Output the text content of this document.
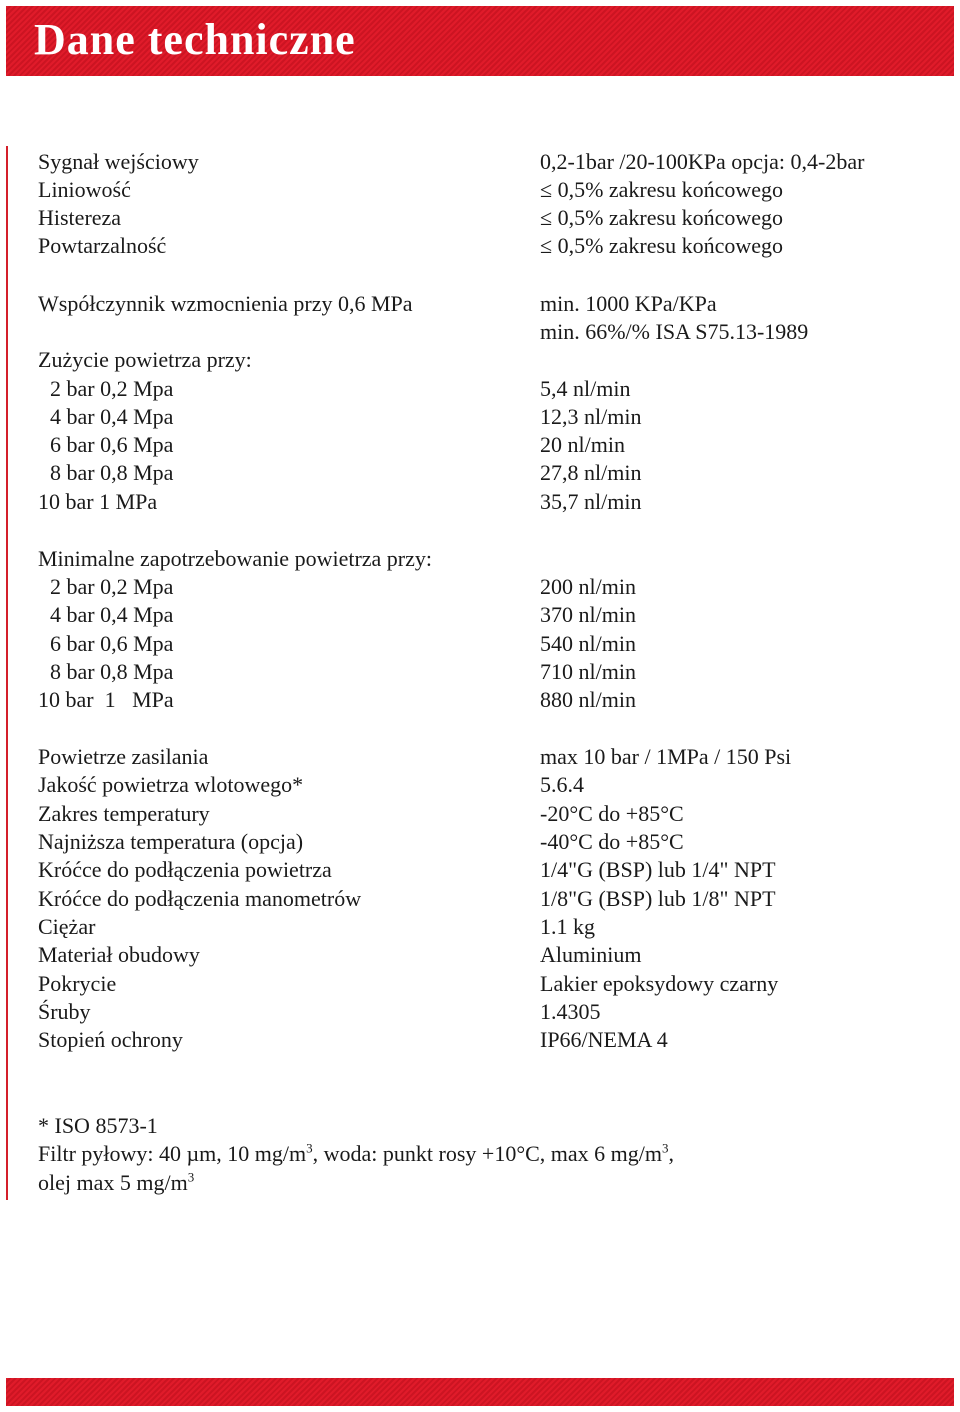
Dane techniczne
Sygnał wejściowy	0,2-1bar /20-100KPa opcja: 0,4-2bar
Liniowość	≤ 0,5% zakresu końcowego
Histereza	≤ 0,5% zakresu końcowego
Powtarzalność	≤ 0,5% zakresu końcowego
Współczynnik wzmocnienia przy 0,6 MPa	min. 1000 KPa/KPa
min. 66%/% ISA S75.13-1989
Zużycie powietrza przy:
2 bar 0,2 Mpa	5,4 nl/min
4 bar 0,4 Mpa	12,3 nl/min
6 bar 0,6 Mpa	20 nl/min
8 bar 0,8 Mpa	27,8 nl/min
10 bar 1 MPa	35,7 nl/min
Minimalne zapotrzebowanie powietrza przy:
2 bar 0,2 Mpa	200 nl/min
4 bar 0,4 Mpa	370 nl/min
6 bar 0,6 Mpa	540 nl/min
8 bar 0,8 Mpa	710 nl/min
10 bar  1   MPa	880 nl/min
Powietrze zasilania	max 10 bar / 1MPa / 150 Psi
Jakość powietrza wlotowego*	5.6.4
Zakres temperatury	-20°C do +85°C
Najniższa temperatura (opcja)	-40°C do +85°C
Króćce do podłączenia powietrza	1/4"G (BSP) lub 1/4" NPT
Króćce do podłączenia manometrów	1/8"G (BSP) lub 1/8" NPT
Ciężar	1.1 kg
Materiał obudowy	Aluminium
Pokrycie	Lakier epoksydowy czarny
Śruby	1.4305
Stopień ochrony	IP66/NEMA 4
* ISO 8573-1
Filtr pyłowy: 40 µm, 10 $mg/m^3$, woda: punkt rosy +10°C, max 6 $mg/m^3$,
olej max 5 $mg/m^3$
